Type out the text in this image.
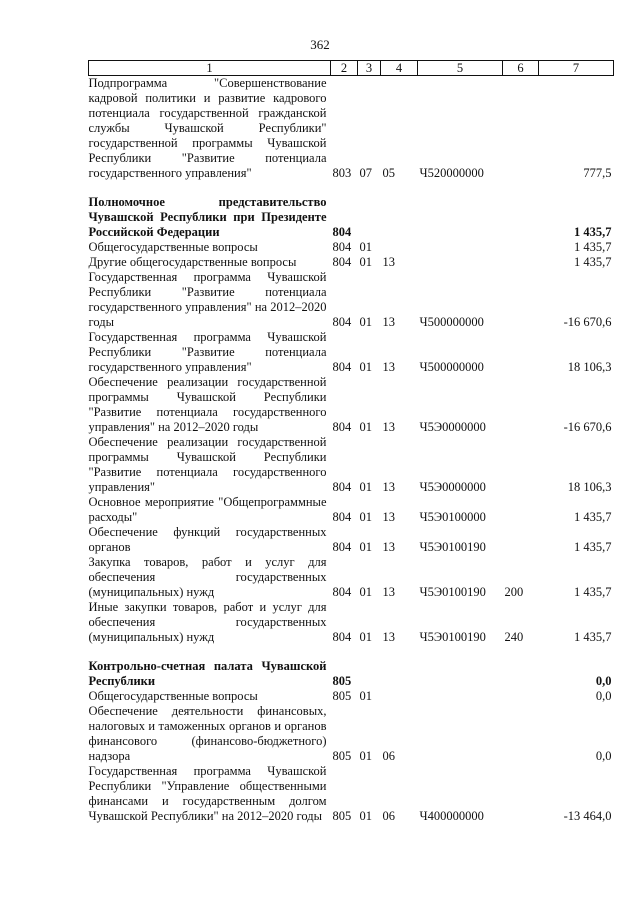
362
1	2	3	4	5	6	7
Подпрограмма "Совершенствование кадровой политики и развитие кадрового потенциала государственной гражданской службы Чувашской Республики" государственной программы Чувашской Республики "Развитие потенциала государственного управления"	803	07	05	Ч520000000		777,5

Полномочное представительство Чувашской Республики при Президенте Российской Федерации	804					1 435,7
Общегосударственные вопросы	804	01				1 435,7
Другие общегосударственные вопросы	804	01	13			1 435,7
Государственная программа Чувашской Республики "Развитие потенциала государственного управления" на 2012–2020 годы	804	01	13	Ч500000000		-16 670,6
Государственная программа Чувашской Республики "Развитие потенциала государственного управления"	804	01	13	Ч500000000		18 106,3
Обеспечение реализации государственной программы Чувашской Республики "Развитие потенциала государственного управления" на 2012–2020 годы	804	01	13	Ч5Э0000000		-16 670,6
Обеспечение реализации государственной программы Чувашской Республики "Развитие потенциала государственного управления"	804	01	13	Ч5Э0000000		18 106,3
Основное мероприятие "Общепрограммные расходы"	804	01	13	Ч5Э0100000		1 435,7
Обеспечение функций государственных органов	804	01	13	Ч5Э0100190		1 435,7
Закупка товаров, работ и услуг для обеспечения государственных (муниципальных) нужд	804	01	13	Ч5Э0100190	200	1 435,7
Иные закупки товаров, работ и услуг для обеспечения государственных (муниципальных) нужд	804	01	13	Ч5Э0100190	240	1 435,7

Контрольно-счетная палата Чувашской Республики	805					0,0
Общегосударственные вопросы	805	01				0,0
Обеспечение деятельности финансовых, налоговых и таможенных органов и органов финансового (финансово-бюджетного) надзора	805	01	06			0,0
Государственная программа Чувашской Республики "Управление общественными финансами и государственным долгом Чувашской Республики" на 2012–2020 годы	805	01	06	Ч400000000		-13 464,0
